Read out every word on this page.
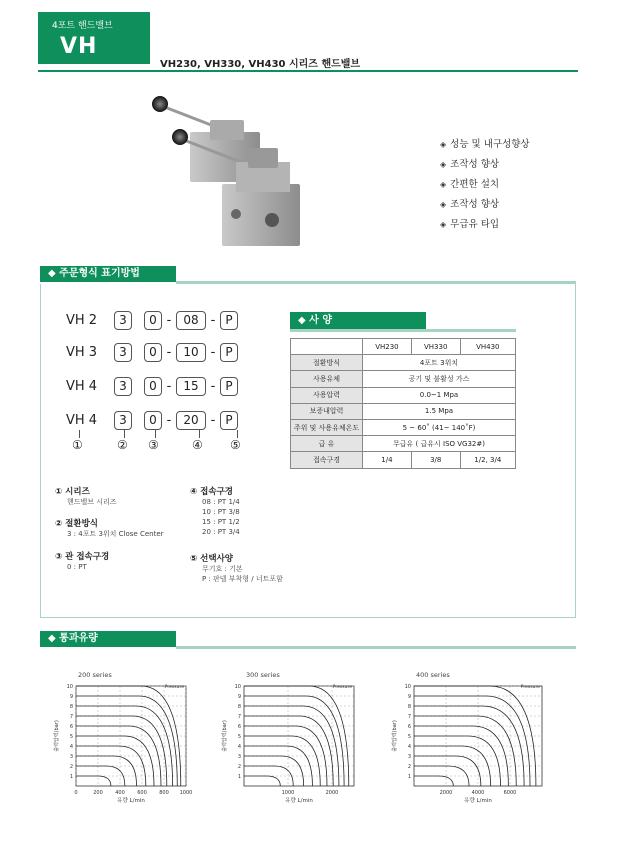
4포트 핸드밸브
VH
VH230, VH330, VH430 시리즈 핸드밸브
◈ 성능 및 내구성향상
◈ 조작성 향상
◈ 간편한 설치
◈ 조작성 향상
◈ 무급유 타입
◆ 주문형식 표기방법
VH 2	3	0 -	08 - P
VH 3	3	0 -	10 - P
VH 4	3	0 -	15 - P
VH 4	3	0 -	20 - P
①	② ③	④ ⑤
① 시리즈
핸드밸브 시리즈
② 절환방식
3 : 4포트 3위치 Close Center
③ 관 접속구경
0 : PT
④ 접속구경
08 : PT 1/4
10 : PT 3/8
15 : PT 1/2
20 : PT 3/4
⑤ 선택사양
무기호 : 기본
P : 판넬 부착형 / 너트포함
◆ 사 양
	VH230	VH330	VH430
절환방식	4포트 3위치		
사용유체	공기 및 불활성 가스		
사용압력	0.0~1 Mpa		
보증내압력	1.5 Mpa		
주위 및 사용유체온도	5 ~ 60˚ (41~ 140˚F)		
급 유	무급유 ( 급유시 ISO VG32#)		
접속구경	1/4	3/8	1/2, 3/4
◆ 통과유량
200 series
1
2
3
4
5
6
7
8
9
10
0	200 400 600 800 1000
Pressure
유량 L/min
출력압력(bar)
300 series
1
2
3
4
5
6
7
8
9
10
1000	2000
Pressure
유량 L/min
출력압력(bar)
400 series
1
2
3
4
5
6
7
8
9
10
2000	4000	6000
Pressure
유량 L/min
출력압력(bar)
